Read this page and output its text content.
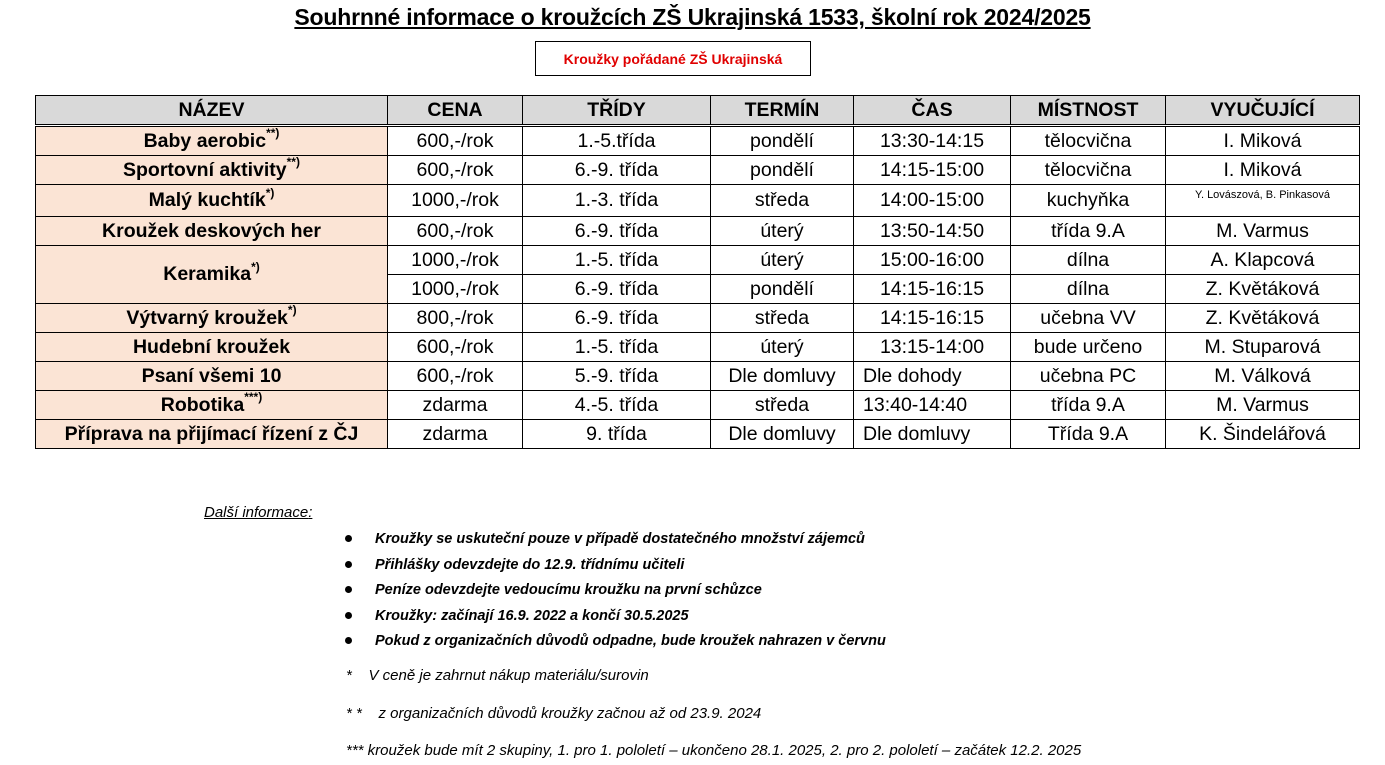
Souhrnné informace o kroužcích ZŠ Ukrajinská 1533, školní rok 2024/2025
Kroužky pořádané ZŠ Ukrajinská
NÁZEV	CENA	TŘÍDY	TERMÍN	ČAS	MÍSTNOST	VYUČUJÍCÍ
Baby aerobic**)	600,-/rok	1.-5.třída	pondělí	13:30-14:15	tělocvična	I. Miková
Sportovní aktivity**)	600,-/rok	6.-9. třída	pondělí	14:15-15:00	tělocvična	I. Miková
Malý kuchtík*)	1000,-/rok	1.-3. třída	středa	14:00-15:00	kuchyňka	Y. Lovászová, B. Pinkasová
Kroužek deskových her	600,-/rok	6.-9. třída	úterý	13:50-14:50	třída 9.A	M. Varmus
Keramika*)	1000,-/rok	1.-5. třída	úterý	15:00-16:00	dílna	A. Klapcová
	1000,-/rok	6.-9. třída	pondělí	14:15-16:15	dílna	Z. Květáková
Výtvarný kroužek*)	800,-/rok	6.-9. třída	středa	14:15-16:15	učebna VV	Z. Květáková
Hudební kroužek	600,-/rok	1.-5. třída	úterý	13:15-14:00	bude určeno	M. Stuparová
Psaní všemi 10	600,-/rok	5.-9. třída	Dle domluvy	Dle dohody	učebna PC	M. Válková
Robotika***)	zdarma	4.-5. třída	středa	13:40-14:40	třída 9.A	M. Varmus
Příprava na přijímací řízení z ČJ	zdarma	9. třída	Dle domluvy	Dle domluvy	Třída 9.A	K. Šindelářová
Další informace:
Kroužky se uskuteční pouze v případě dostatečného množství zájemců
Přihlášky odevzdejte do 12.9. třídnímu učiteli
Peníze odevzdejte vedoucímu kroužku na první schůzce
Kroužky: začínají 16.9. 2022 a končí 30.5.2025
Pokud z organizačních důvodů odpadne, bude kroužek nahrazen v červnu
*    V ceně je zahrnut nákup materiálu/surovin
* *    z organizačních důvodů kroužky začnou až od 23.9. 2024
*** kroužek bude mít 2 skupiny, 1. pro 1. pololetí – ukončeno 28.1. 2025, 2. pro 2. pololetí – začátek 12.2. 2025
